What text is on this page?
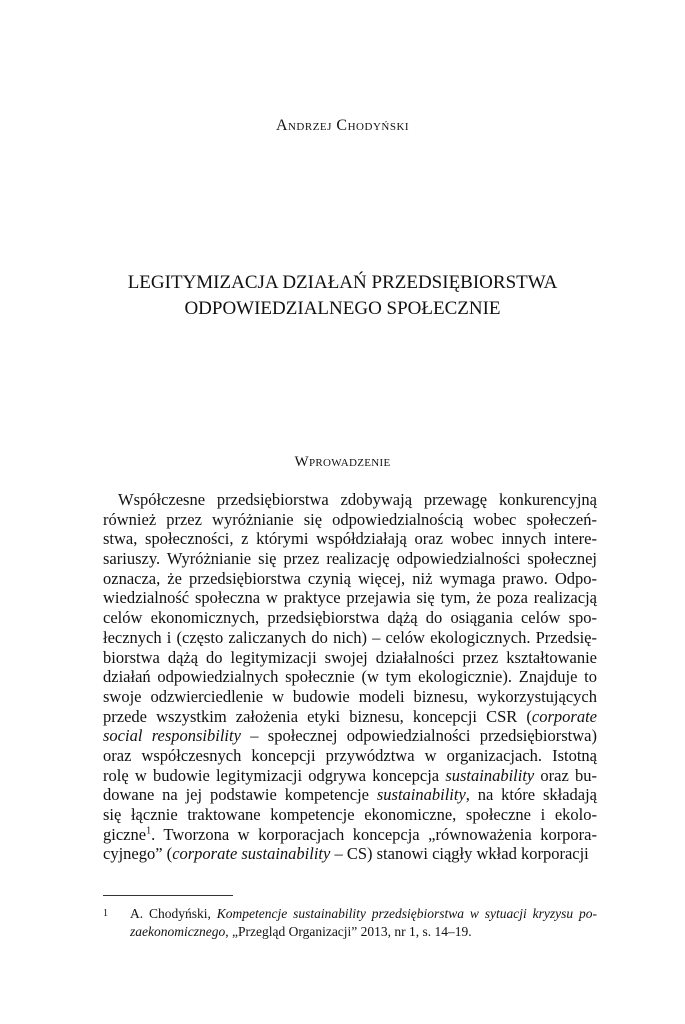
Andrzej Chodyński
LEGITYMIZACJA DZIAŁAŃ PRZEDSIĘBIORSTWA
ODPOWIEDZIALNEGO SPOŁECZNIE
Wprowadzenie
Współczesne przedsiębiorstwa zdobywają przewagę konkurencyjną
również przez wyróżnianie się odpowiedzialnością wobec społeczeń-
stwa, społeczności, z którymi współdziałają oraz wobec innych intere-
sariuszy. Wyróżnianie się przez realizację odpowiedzialności społecznej
oznacza, że przedsiębiorstwa czynią więcej, niż wymaga prawo. Odpo-
wiedzialność społeczna w praktyce przejawia się tym, że poza realizacją
celów ekonomicznych, przedsiębiorstwa dążą do osiągania celów spo-
łecznych i (często zaliczanych do nich) – celów ekologicznych. Przedsię-
biorstwa dążą do legitymizacji swojej działalności przez kształtowanie
działań odpowiedzialnych społecznie (w tym ekologicznie). Znajduje to
swoje odzwierciedlenie w budowie modeli biznesu, wykorzystujących
przede wszystkim założenia etyki biznesu, koncepcji CSR (corporate
social responsibility – społecznej odpowiedzialności przedsiębiorstwa)
oraz współczesnych koncepcji przywództwa w organizacjach. Istotną
rolę w budowie legitymizacji odgrywa koncepcja sustainability oraz bu-
dowane na jej podstawie kompetencje sustainability, na które składają
się łącznie traktowane kompetencje ekonomiczne, społeczne i ekolo-
giczne$^1$. Tworzona w korporacjach koncepcja „równoważenia korpora-
cyjnego” (corporate sustainability – CS) stanowi ciągły wkład korporacji
1 A. Chodyński, Kompetencje sustainability przedsiębiorstwa w sytuacji kryzysu po-
zaekonomicznego, „Przegląd Organizacji” 2013, nr 1, s. 14–19.
